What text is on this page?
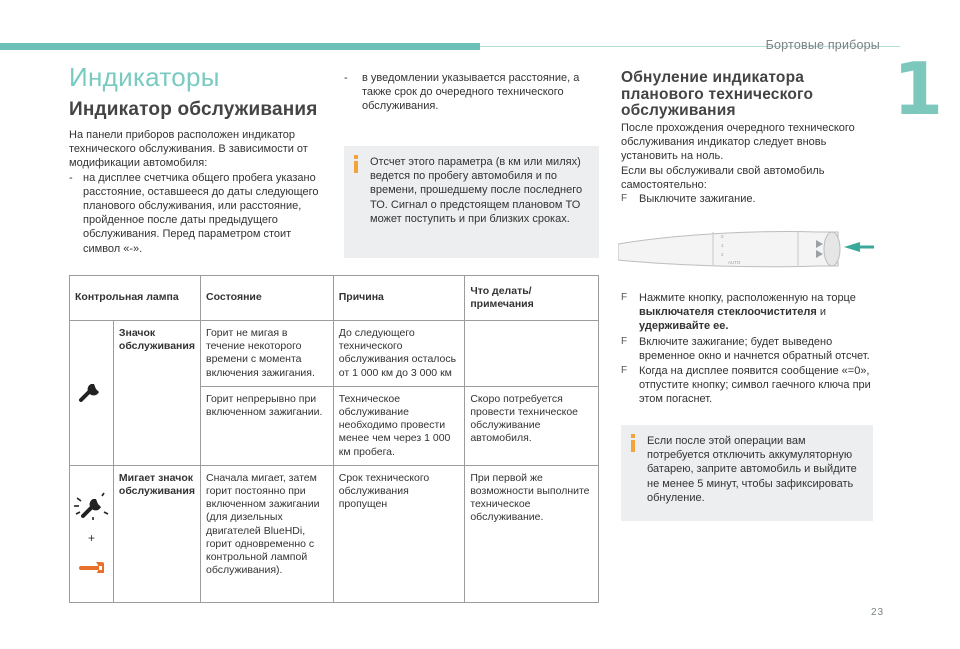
Бортовые приборы
1
23
Индикаторы
Индикатор обслуживания

На панели приборов расположен индикатор технического обслуживания. В зависимости от модификации автомобиля:

- на дисплее счетчика общего пробега указано расстояние, оставшееся до даты следующего планового обслуживания, или расстояние, пройденное после даты предыдущего обслуживания. Перед параметром стоит символ «-».
-	в уведомлении указывается расстояние, а также срок до очередного технического обслуживания.
Отсчет этого параметра (в км или милях) ведется по пробегу автомобиля и по времени, прошедшему после последнего ТО. Сигнал о предстоящем плановом ТО может поступить и при близких сроках.
Контрольная лампа		Состояние	Причина	Что делать/примечания
	Значок обслуживания	Горит не мигая в течение некоторого времени с момента включения зажигания.	До следующего технического обслуживания осталось от 1 000 км до 3 000 км	
		Горит непрерывно при включенном зажигании.	Техническое обслуживание необходимо провести менее чем через 1 000 км пробега.	Скоро потребуется провести техническое обслуживание автомобиля.

+	Мигает значок обслуживания	Сначала мигает, затем горит постоянно при включенном зажигании (для дизельных двигателей BlueHDi, горит одновременно с контрольной лампой обслуживания).	Срок технического обслуживания пропущен	При первой же возможности выполните техническое обслуживание.
Обнуление индикатора планового технического обслуживания

После прохождения очередного технического обслуживания индикатор следует вновь установить на ноль.

Если вы обслуживали свой автомобиль самостоятельно:

F	Выключите зажигание.
0
1
2
AUTO
F	Нажмите кнопку, расположенную на торце выключателя стеклоочистителя и удерживайте ее.
F	Включите зажигание; будет выведено временное окно и начнется обратный отсчет.
F	Когда на дисплее появится сообщение «=0», отпустите кнопку; символ гаечного ключа при этом погаснет.
Если после этой операции вам потребуется отключить аккумуляторную батарею, заприте автомобиль и выйдите не менее 5 минут, чтобы зафиксировать обнуление.
